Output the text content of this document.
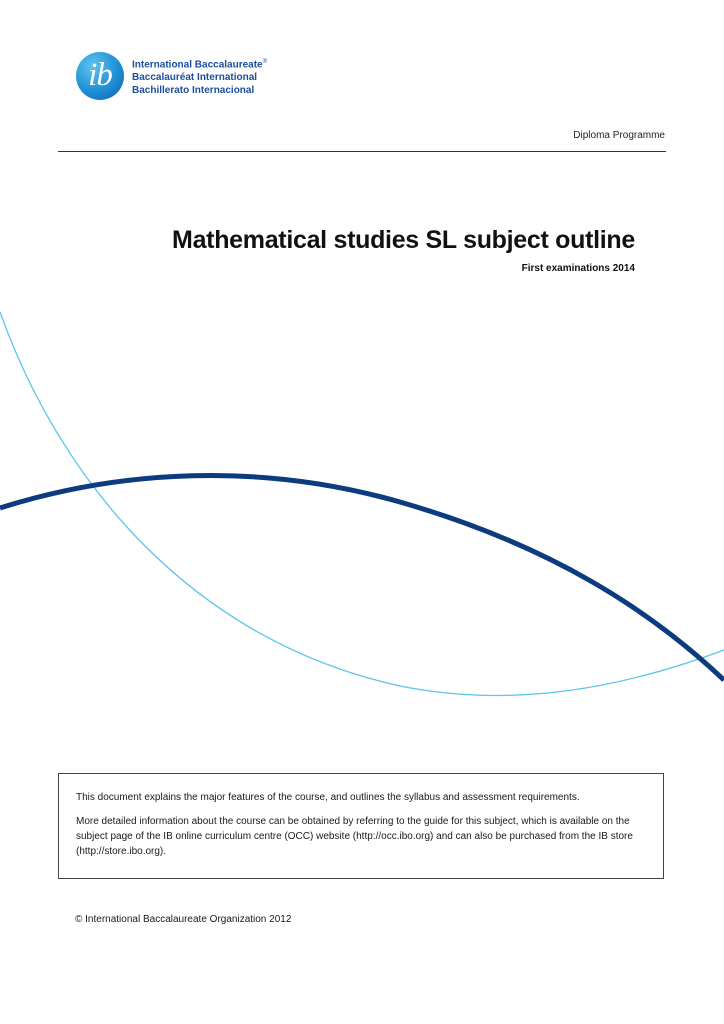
ib	International Baccalaureate®
Baccalauréat International
Bachillerato Internacional
Diploma Programme
Mathematical studies SL subject outline
First examinations 2014

This document explains the major features of the course, and outlines the syllabus and assessment requirements.

More detailed information about the course can be obtained by referring to the guide for this subject, which is available on the subject page of the IB online curriculum centre (OCC) website (http://occ.ibo.org) and can also be purchased from the IB store (http://store.ibo.org).

© International Baccalaureate Organization 2012
